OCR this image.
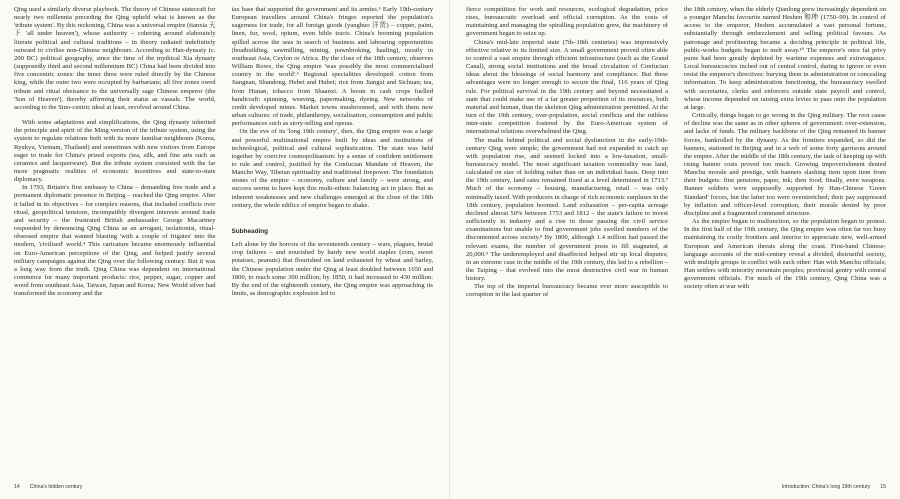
Qing used a similarly diverse playbook. The theory of Chinese statecraft for nearly two millennia preceding the Qing upheld what is known as the 'tribute system'. By this reckoning, China was a universal empire (tianxia 天下 'all under heaven'), whose authority – cohering around elaborately literate political and cultural traditions – in theory radiated indefinitely outward to civilise non-Chinese neighbours. According to Han-dynasty (c. 200 BC) political geography, since the time of the mythical Xia dynasty (supposedly third and second millennium BC) China had been divided into five concentric zones: the inner three were ruled directly by the Chinese king, while the outer two were occupied by barbarians; all five zones owed tribute and ritual obeisance to the universally sage Chinese emperor (the 'Son of Heaven'), thereby affirming their status as vassals. The world, according to the Sino-centric ideal at least, revolved around China.

With some adaptations and simplifications, the Qing dynasty inherited the principle and spirit of the Ming version of the tribute system, using the system to regulate relations both with its more familiar neighbours (Korea, Ryukyu, Vietnam, Thailand) and sometimes with new visitors from Europe eager to trade for China's prized exports (tea, silk, and fine arts such as ceramics and lacquerware). But the tribute system coexisted with the far more pragmatic realities of economic incentives and state-to-state diplomacy.

In 1793, Britain's first embassy to China – demanding free trade and a permanent diplomatic presence in Beijing – reached the Qing empire. After it failed in its objectives – for complex reasons, that included conflicts over ritual, geopolitical tensions, incompatibly divergent interests around trade and security – the frustrated British ambassador George Macartney responded by denouncing Qing China as an arrogant, isolationist, ritual-obsessed empire that wanted blasting 'with a couple of frigates' into the modern, 'civilised' world.⁴ This caricature became enormously influential on Euro-American perceptions of the Qing, and helped justify several military campaigns against the Qing over the following century. But it was a long way from the truth. Qing China was dependent on international commerce for many important products: rice, pepper, sugar, copper and wood from southeast Asia, Taiwan, Japan and Korea; New World silver had transformed the economy and the

tax base that supported the government and its armies.⁵ Early 19th-century European travellers around China's fringes reported the population's eagerness for trade, for all foreign goods (yanghuo 洋货) – copper, paint, linen, fur, wool, opium, even bible tracts. China's booming population spilled across the seas in search of business and labouring opportunities (boatbuilding, sawmilling, mining, pawnbroking, hauling), mostly in southeast Asia, Ceylon or Africa. By the close of the 18th century, observes William Rowe, the Qing empire 'was possibly the most commercialised country in the world'.⁶ Regional specialities developed: cotton from Jiangnan, Shandong, Hebei and Hubei; rice from Jiangxi and Sichuan; tea, from Hunan, tobacco from Shaanxi. A boom in cash crops fuelled handicraft: spinning, weaving, papermaking, dyeing. New networks of credit developed mines. Market towns mushroomed, and with them new urban cultures: of trade, philanthropy, socialisation, consumption and public performances such as story-telling and operas.

On the eve of its 'long 19th century', then, the Qing empire was a large and powerful multinational empire built by ideas and institutions of technological, political and cultural sophistication. The state was held together by coercive cosmopolitanism: by a sense of confident entitlement to rule and control, justified by the Confucian Mandate of Heaven, the Mancho Way, Tibetan spirituality and traditional firepower. The foundation stones of the empire – economy, culture and family – were strong, and success seems to have kept this multi-ethnic balancing act in place. But as inherent weaknesses and new challenges emerged at the close of the 18th century, the whole edifice of empire began to shake.

Subheading

Left alone by the horrors of the seventeenth century – wars, plagues, brutal crop failures – and nourished by hardy new world staples (corn, sweet potatoes, peanuts) that flourished on land exhausted by wheat and barley, the Chinese population under the Qing at least doubled between 1650 and 1800, to reach some 300 million; by 1850, it had increased to 430 million. By the end of the eighteenth century, the Qing empire was approaching its limits, as demographic explosion led to

14 China's hidden century

fierce competition for work and resources, ecological degradation, price rises, bureaucratic overload and official corruption. As the costs of maintaining and managing the spiralling population grew, the machinery of government began to seize up.

China's mid-late imperial state (7th–18th centuries) was impressively effective relative to its limited size. A small government proved often able to control a vast empire through efficient infrastructure (such as the Grand Canal), strong social institutions and the broad circulation of Confucian ideas about the blessings of social harmony and compliance. But these advantages were no longer enough to secure the final, 116 years of Qing rule. For political survival in the 19th century and beyond necessitated a state that could make use of a far greater proportion of its resources, both material and human, than the skeleton Qing administration permitted. At the turn of the 19th century, over-population, social conflicts and the ruthless inter-state competition fostered by the Euro-American system of international relations overwhelmed the Qing.

The maths behind political and social dysfunction in the early-19th-century Qing were simple; the government had not expanded to catch up with population rise, and seemed locked into a low-taxation, small-bureaucracy model. The most significant taxation commodity was land, calculated on size of holding rather than on an individual basis. Deep into the 19th century, land rates remained fixed at a level determined in 1713.⁷ Much of the economy – housing, manufacturing, retail – was only minimally taxed. With producers in charge of rich economic surpluses in the 18th century, population boomed. Land exhaustion – per-capita acreage declined almost 50% between 1753 and 1812 – the state's failure to invest sufficiently in industry and a rise in those passing the civil service examinations but unable to find government jobs swelled numbers of the discontented across society.⁸ By 1800, although 1.4 million had passed the relevant exams, the number of government posts to fill stagnated, at 20,000.⁹ The underemployed and disaffected helped stir up local disputes; in an extreme case in the middle of the 19th century, this led to a rebellion – the Taiping – that evolved into the most destructive civil war in human history.

The top of the imperial bureaucracy became ever more susceptible to corruption in the last quarter of

the 18th century, when the elderly Qianlong grew increasingly dependent on a younger Manchu favourite named Heshen 和珅 (1750–99). In control of access to the emperor, Heshen accumulated a vast personal fortune, substantially through embezzlement and selling political favours. As patronage and profiteering became a deciding principle in political life, public-works budgets began to melt away.¹⁰ The emperor's once fat privy purse had been greatly depleted by wartime expenses and extravagance. Local bureaucracies inched out of central control, daring to ignore or even resist the emperor's directives: burying them in administration or concealing information. To keep administration functioning, the bureaucracy swelled with secretaries, clerks and enforcers outside state payroll and control, whose income depended on raising extra levies to pass onto the population at large.

Critically, things began to go wrong in the Qing military. The root cause of decline was the same as in other spheres of government: over-extension, and lacke of funds. The military backbone of the Qing remained its banner forces, bankrolled by the dynasty. As the frontiers expanded, so did the banners, stationed in Beijing and in a web of some forty garrisons around the empire. After the middle of the 18th century, the task of keeping up with rising banner costs proved too much. Growing impoverishment dented Manchu morale and prestige, with banners slashing item upon item from their budgets: first pensions, paper, ink; then food; finally, even weapons. Banner soldiers were supposedly supported by Han-Chinese 'Green Standard' forces, but the latter too were overstretched; their pay suppressed by inflation and officer-level corruption, their morale dented by poor discipline and a fragmented command structure.

As the empire began to malfunction, so the population began to protest. In the first half of the 19th century, the Qing empire was often far too busy maintaining its costly frontiers and interior to appreciate new, well-armed European and American threats along the coast. First-hand Chinese-language accounts of the mid-century reveal a divided, distrustful society, with multiple groups in conflict with each other: Han with Manchu officials; Han settlers with minority mountain peoples; provincial gentry with central government officials. For much of the 19th century, Qing China was a society often at war with

Introduction: China's long 19th century 15
